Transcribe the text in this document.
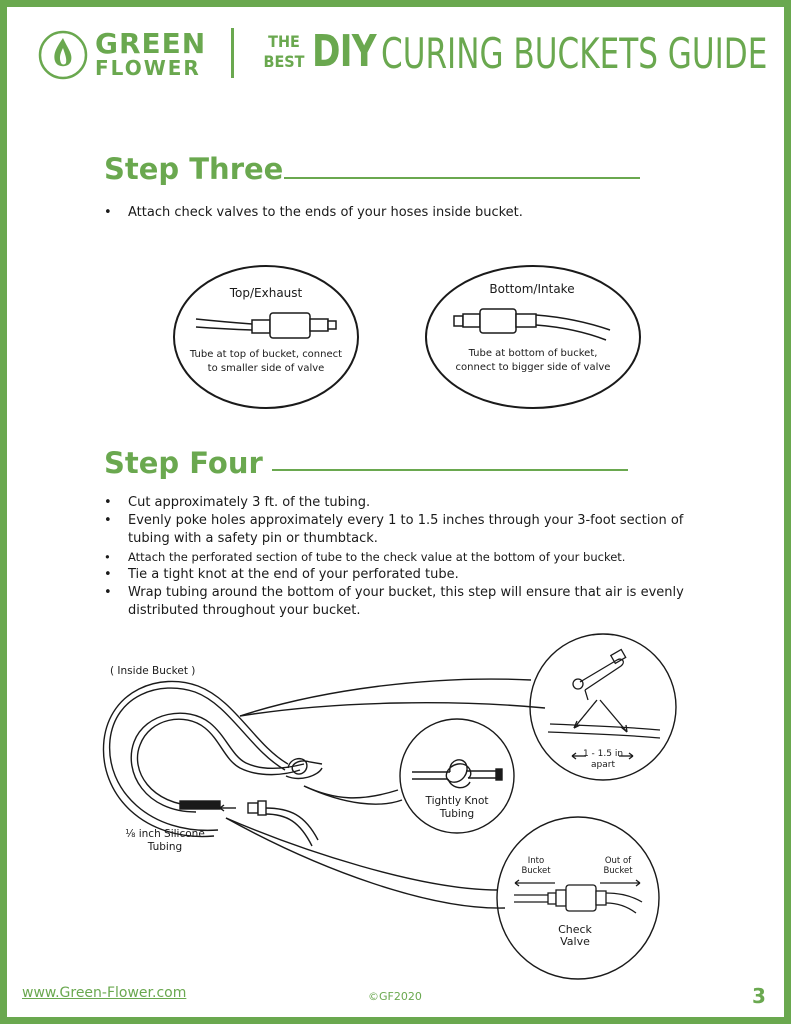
GREEN
FLOWER
THE
BEST DIY CURING BUCKETS GUIDE
Step Three
• Attach check valves to the ends of your hoses inside bucket.
Top/Exhaust
Tube at top of bucket, connect
to smaller side of valve
Bottom/Intake
Tube at bottom of bucket,
connect to bigger side of valve
Step Four
• Cut approximately 3 ft. of the tubing.
• Evenly poke holes approximately every 1 to 1.5 inches through your 3-foot section of
tubing with a safety pin or thumbtack.
• Attach the perforated section of tube to the check value at the bottom of your bucket.
• Tie a tight knot at the end of your perforated tube.
• Wrap tubing around the bottom of your bucket, this step will ensure that air is evenly
distributed throughout your bucket.
( Inside Bucket )
⅛ inch Silicone
Tubing
Tightly Knot
Tubing
1 - 1.5 in
apart
Into
Bucket
Out of
Bucket
Check
Valve
www.Green-Flower.com	©GF2020	3
